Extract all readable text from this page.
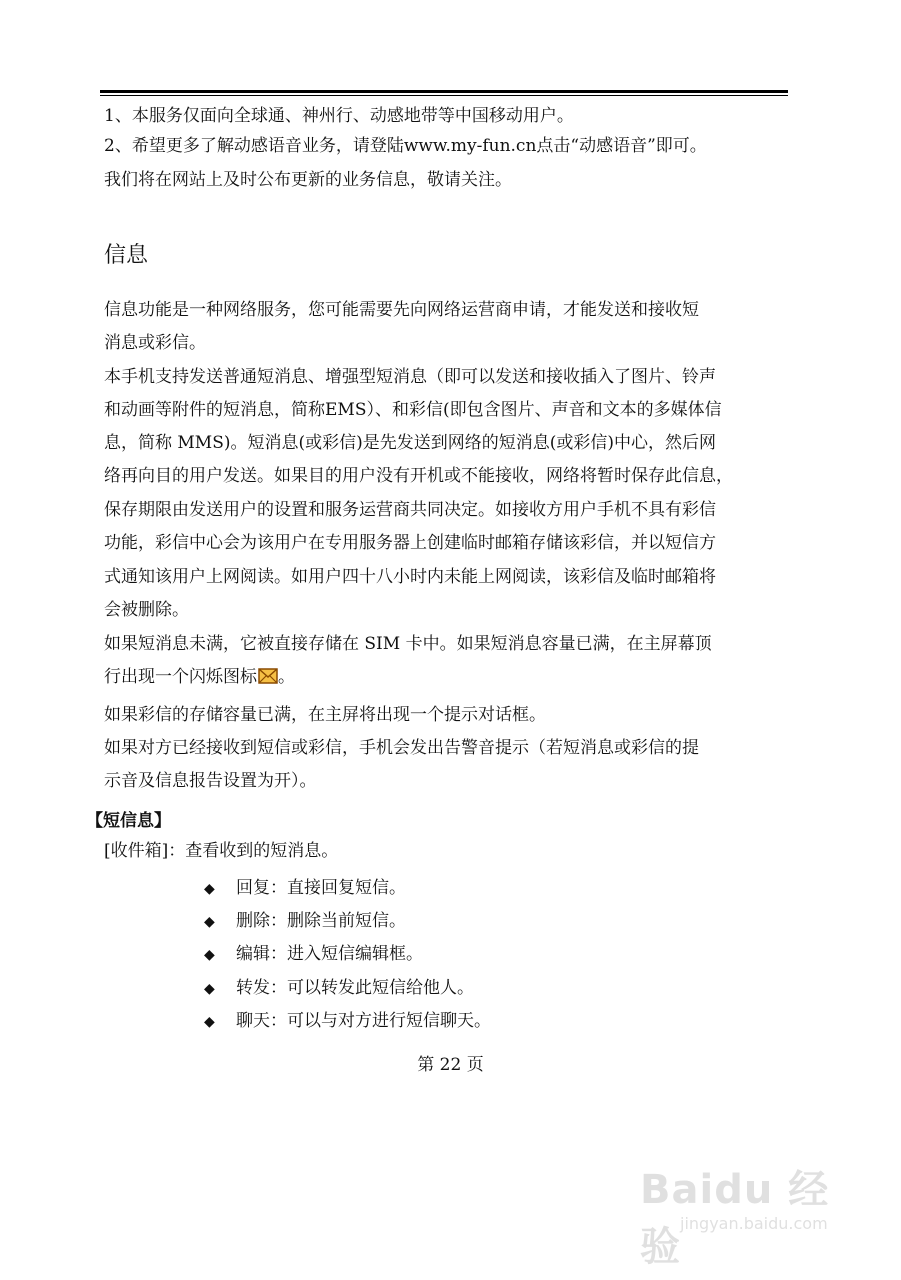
1、本服务仅面向全球通、神州行、动感地带等中国移动用户。
2、希望更多了解动感语音业务，请登陆www.my-fun.cn点击“动感语音”即可。
我们将在网站上及时公布更新的业务信息，敬请关注。
信息
信息功能是一种网络服务，您可能需要先向网络运营商申请，才能发送和接收短
消息或彩信。
本手机支持发送普通短消息、增强型短消息（即可以发送和接收插入了图片、铃声
和动画等附件的短消息，简称EMS）、和彩信(即包含图片、声音和文本的多媒体信
息，简称 MMS)。短消息(或彩信)是先发送到网络的短消息(或彩信)中心，然后网
络再向目的用户发送。如果目的用户没有开机或不能接收，网络将暂时保存此信息，
保存期限由发送用户的设置和服务运营商共同决定。如接收方用户手机不具有彩信
功能，彩信中心会为该用户在专用服务器上创建临时邮箱存储该彩信，并以短信方
式通知该用户上网阅读。如用户四十八小时内未能上网阅读，该彩信及临时邮箱将
会被删除。
如果短消息未满，它被直接存储在 SIM 卡中。如果短消息容量已满，在主屏幕顶
行出现一个闪烁图标 。
如果彩信的存储容量已满，在主屏将出现一个提示对话框。
如果对方已经接收到短信或彩信，手机会发出告警音提示（若短消息或彩信的提
示音及信息报告设置为开）。
【短信息】
[收件箱]：查看收到的短消息。
◆ 回复：直接回复短信。
◆ 删除：删除当前短信。
◆ 编辑：进入短信编辑框。
◆ 转发：可以转发此短信给他人。
◆ 聊天：可以与对方进行短信聊天。
第 22 页
Baidu 经验
jingyan.baidu.com
